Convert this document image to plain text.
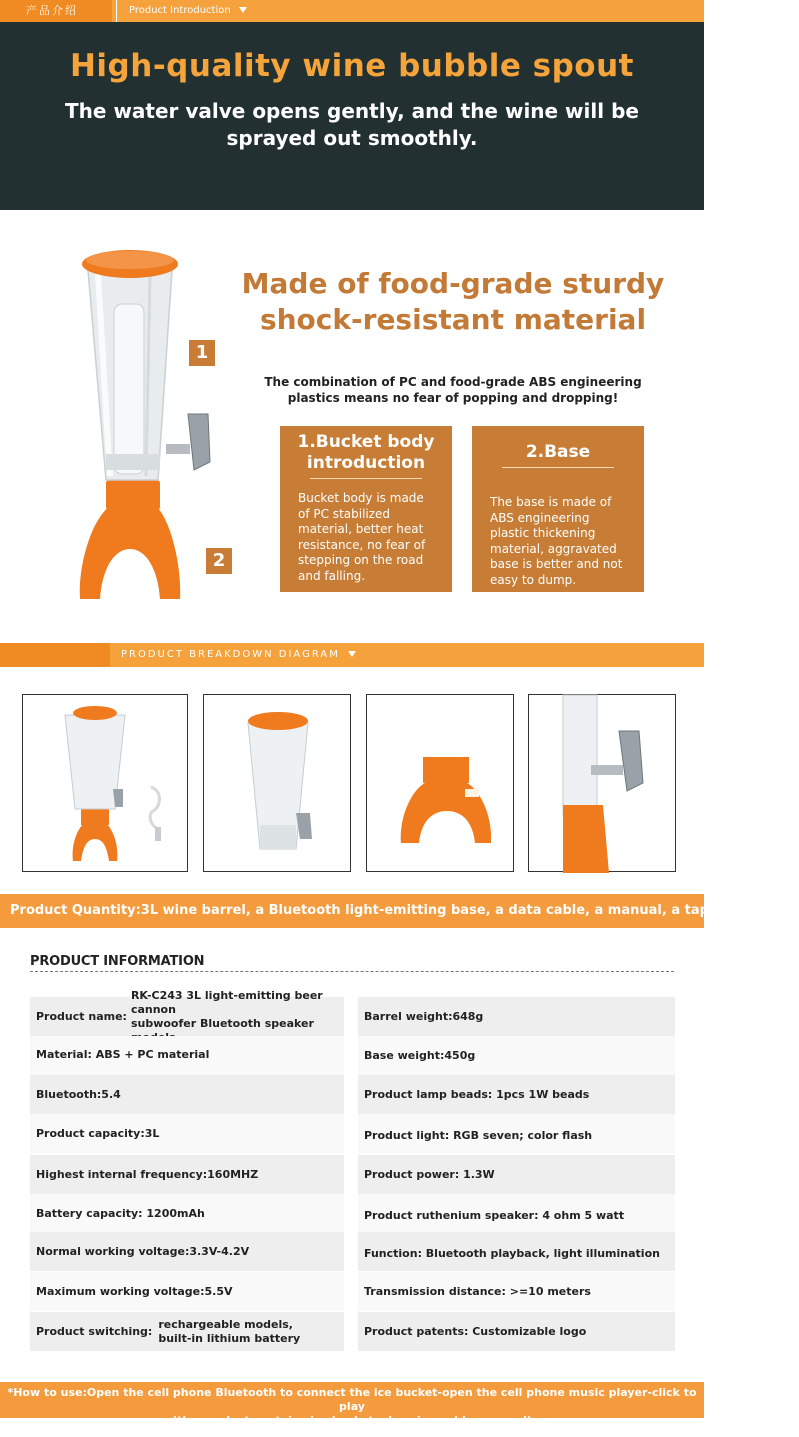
产品介绍	Product Introduction
High-quality wine bubble spout

The water valve opens gently, and the wine will be
sprayed out smoothly.

1
2
Made of food-grade sturdy
shock-resistant material
The combination of PC and food-grade ABS engineering
plastics means no fear of popping and dropping!
1.Bucket body
introduction
Bucket body is made
of PC stabilized
material, better heat
resistance, no fear of
stepping on the road
and falling.
2.Base
The base is made of
ABS engineering
plastic thickening
material, aggravated
base is better and not
easy to dump.
PRODUCT BREAKDOWN DIAGRAM
Product Quantity:3L wine barrel, a Bluetooth light-emitting base, a data cable, a manual, a tap, a color box
PRODUCT INFORMATION
Product name:
RK-C243 3L light-emitting beer cannon
subwoofer Bluetooth speaker
Material: ABS + PC material
Bluetooth:5.4
Product capacity:3L
Highest internal frequency:160MHZ
Battery capacity: 1200mAh
Normal working voltage:3.3V-4.2V
Maximum working voltage:5.5V
Product switching:
rechargeable models,
built-in lithium battery
Barrel weight:648g
Base weight:450g
Product lamp beads: 1pcs 1W beads
Product light: RGB seven; color flash
Product power: 1.3W
Product ruthenium speaker: 4 ohm 5 watt
Function: Bluetooth playback, light illumination
Transmission distance: >=10 meters
Product patents: Customizable logo
*How to use:Open the cell phone Bluetooth to connect the ice bucket-open the cell phone music player-click to play
(the product contains ice bucket, charging cable, manual)
